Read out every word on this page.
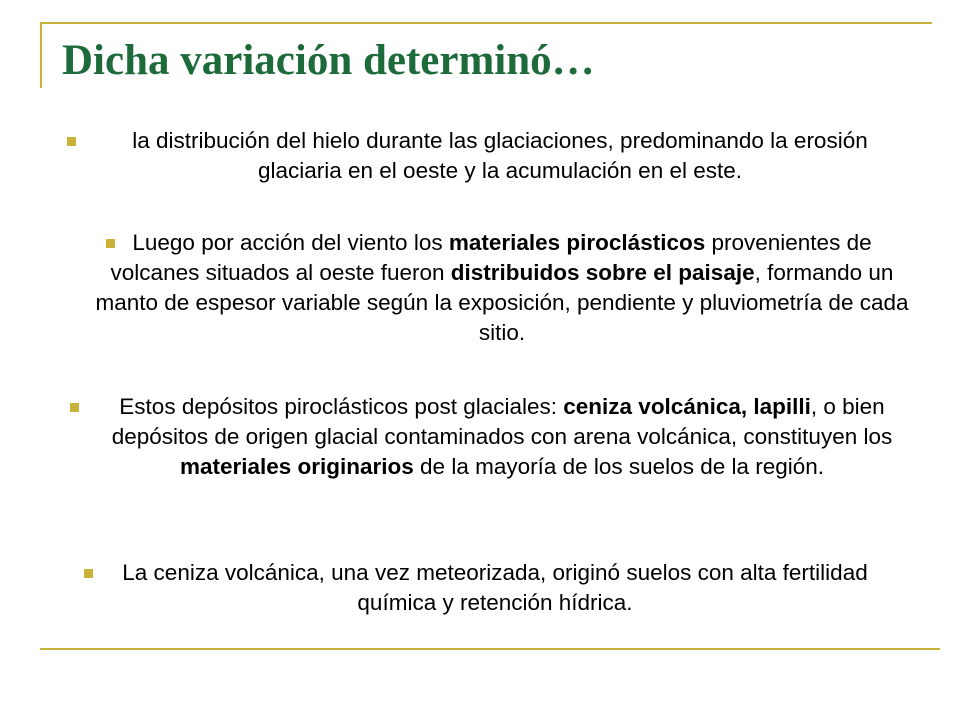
Dicha variación determinó…
la distribución del hielo durante las glaciaciones, predominando la erosión glaciaria en el oeste y la acumulación en el este.
Luego por acción del viento los materiales piroclásticos provenientes de volcanes situados al oeste fueron distribuidos sobre el paisaje, formando un manto de espesor variable según la exposición, pendiente y pluviometría de cada sitio.
Estos depósitos piroclásticos post glaciales: ceniza volcánica, lapilli, o bien depósitos de origen glacial contaminados con arena volcánica, constituyen los materiales originarios de la mayoría de los suelos de la región.
La ceniza volcánica, una vez meteorizada, originó suelos con alta fertilidad química y retención hídrica.
